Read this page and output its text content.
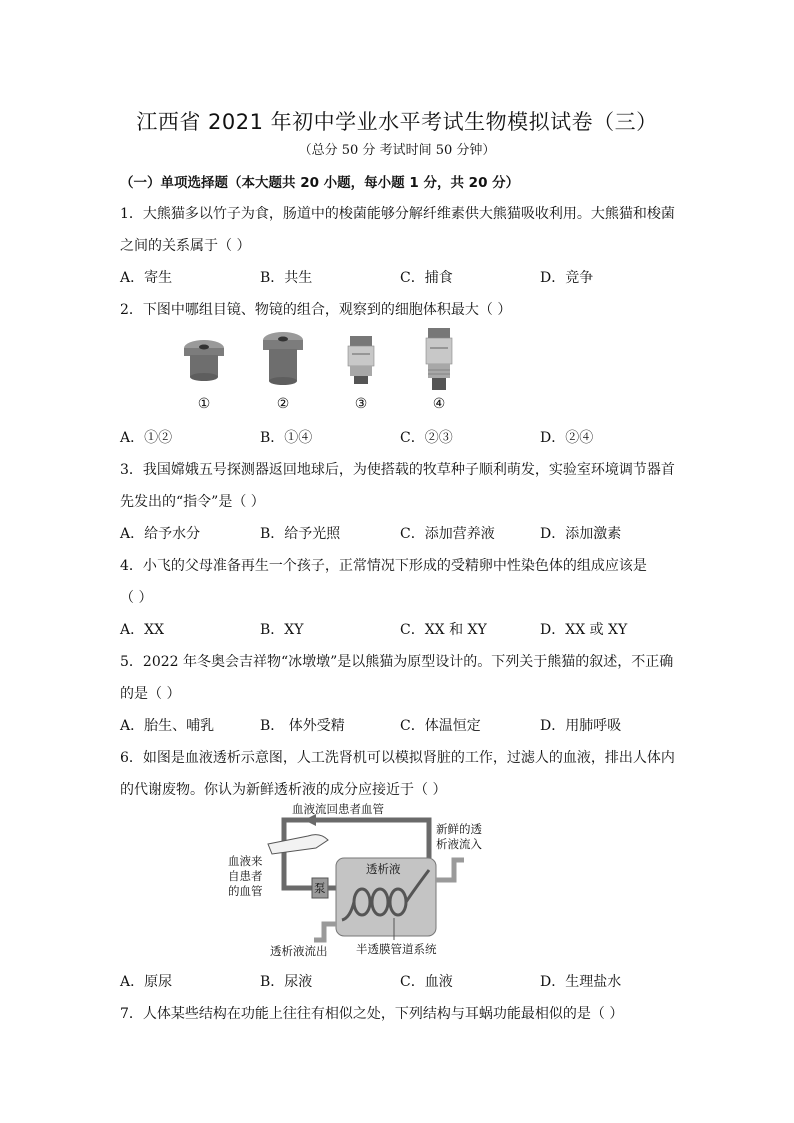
江西省 2021 年初中学业水平考试生物模拟试卷（三）
（总分 50 分 考试时间 50 分钟）
（一）单项选择题（本大题共 20 小题，每小题 1 分，共 20 分）
1．大熊猫多以竹子为食，肠道中的梭菌能够分解纤维素供大熊猫吸收利用。大熊猫和梭菌
之间的关系属于（ ）
A．寄生	B．共生	C．捕食	D．竞争
2．下图中哪组目镜、物镜的组合，观察到的细胞体积最大（ ）
①	②	③	④
A．①②	B．①④	C．②③	D．②④
3．我国嫦娥五号探测器返回地球后，为使搭载的牧草种子顺利萌发，实验室环境调节器首
先发出的“指令”是（ ）
A．给予水分	B．给予光照	C．添加营养液	D．添加激素
4．小飞的父母准备再生一个孩子，正常情况下形成的受精卵中性染色体的组成应该是
（ ）
A．XX	B．XY	C．XX 和 XY	D．XX 或 XY
5．2022 年冬奥会吉祥物“冰墩墩”是以熊猫为原型设计的。下列关于熊猫的叙述，不正确
的是（ ）
A．胎生、哺乳	B． 体外受精	C．体温恒定	D．用肺呼吸
6．如图是血液透析示意图，人工洗肾机可以模拟肾脏的工作，过滤人的血液，排出人体内
的代谢废物。你认为新鲜透析液的成分应接近于（ ）
血液流回患者血管
新鲜的透析液流入
血液来自患者的血管	泵
透析液
透析液流出 半透膜管道系统
A．原尿	B．尿液	C．血液	D．生理盐水
7．人体某些结构在功能上往往有相似之处，下列结构与耳蜗功能最相似的是（ ）
